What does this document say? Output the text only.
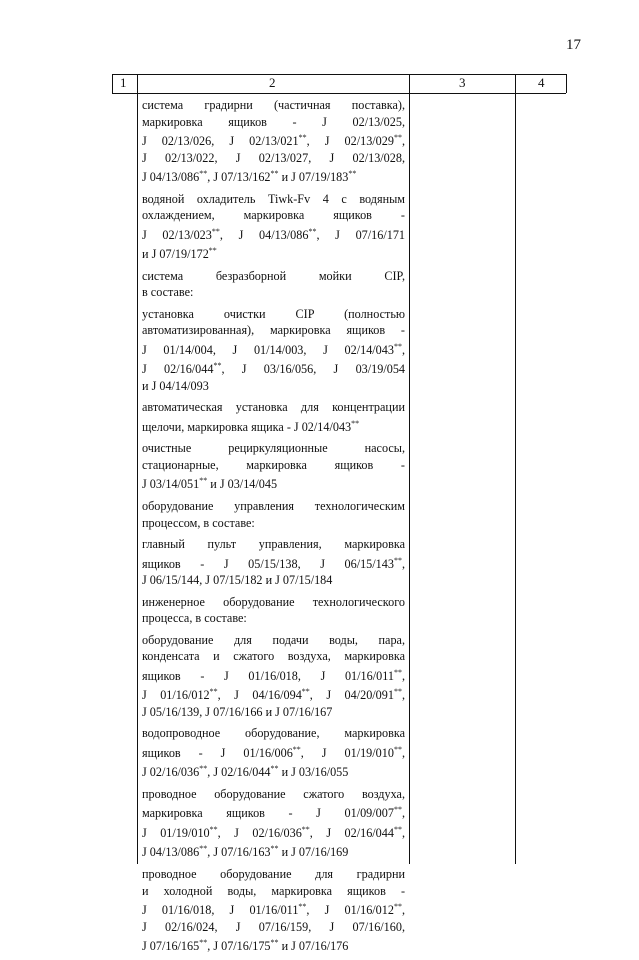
17
1	2	3	4
система градирни (частичная поставка),
маркировка ящиков - J 02/13/025,
J 02/13/026, J 02/13/021**, J 02/13/029**,
J 02/13/022, J 02/13/027, J 02/13/028,
J 04/13/086**, J 07/13/162** и J 07/19/183**
водяной охладитель Tiwk-Fv 4 с водяным
охлаждением, маркировка ящиков -
J 02/13/023**, J 04/13/086**, J 07/16/171
и J 07/19/172**
система безразборной мойки CIP,
в составе:
установка очистки CIP (полностью
автоматизированная), маркировка ящиков -
J 01/14/004, J 01/14/003, J 02/14/043**,
J 02/16/044**, J 03/16/056, J 03/19/054
и J 04/14/093
автоматическая установка для концентрации
щелочи, маркировка ящика - J 02/14/043**
очистные рециркуляционные насосы,
стационарные, маркировка ящиков -
J 03/14/051** и J 03/14/045
оборудование управления технологическим
процессом, в составе:
главный пульт управления, маркировка
ящиков - J 05/15/138, J 06/15/143**,
J 06/15/144, J 07/15/182 и J 07/15/184
инженерное оборудование технологического
процесса, в составе:
оборудование для подачи воды, пара,
конденсата и сжатого воздуха, маркировка
ящиков - J 01/16/018, J 01/16/011**,
J 01/16/012**, J 04/16/094**, J 04/20/091**,
J 05/16/139, J 07/16/166 и J 07/16/167
водопроводное оборудование, маркировка
ящиков - J 01/16/006**, J 01/19/010**,
J 02/16/036**, J 02/16/044** и J 03/16/055
проводное оборудование сжатого воздуха,
маркировка ящиков - J 01/09/007**,
J 01/19/010**, J 02/16/036**, J 02/16/044**,
J 04/13/086**, J 07/16/163** и J 07/16/169
проводное оборудование для градирни
и холодной воды, маркировка ящиков -
J 01/16/018, J 01/16/011**, J 01/16/012**,
J 02/16/024, J 07/16/159, J 07/16/160,
J 07/16/165**, J 07/16/175** и J 07/16/176
